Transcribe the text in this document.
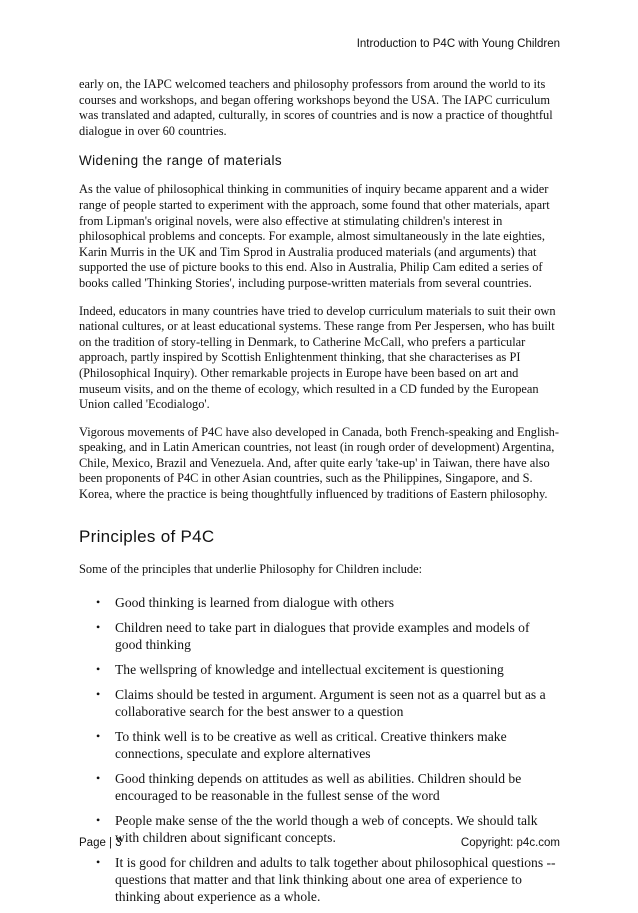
Introduction to P4C with Young Children

early on, the IAPC welcomed teachers and philosophy professors from around the world to its courses and workshops, and began offering workshops beyond the USA. The IAPC curriculum was translated and adapted, culturally, in scores of countries and is now a practice of thoughtful dialogue in over 60 countries.

Widening the range of materials

As the value of philosophical thinking in communities of inquiry became apparent and a wider range of people started to experiment with the approach, some found that other materials, apart from Lipman's original novels, were also effective at stimulating children's interest in philosophical problems and concepts. For example, almost simultaneously in the late eighties, Karin Murris in the UK and Tim Sprod in Australia produced materials (and arguments) that supported the use of picture books to this end. Also in Australia, Philip Cam edited a series of books called 'Thinking Stories', including purpose-written materials from several countries.

Indeed, educators in many countries have tried to develop curriculum materials to suit their own national cultures, or at least educational systems. These range from Per Jespersen, who has built on the tradition of story-telling in Denmark, to Catherine McCall, who prefers a particular approach, partly inspired by Scottish Enlightenment thinking, that she characterises as PI (Philosophical Inquiry). Other remarkable projects in Europe have been based on art and museum visits, and on the theme of ecology, which resulted in a CD funded by the European Union called 'Ecodialogo'.

Vigorous movements of P4C have also developed in Canada, both French-speaking and English-speaking, and in Latin American countries, not least (in rough order of development) Argentina, Chile, Mexico, Brazil and Venezuela. And, after quite early 'take-up' in Taiwan, there have also been proponents of P4C in other Asian countries, such as the Philippines, Singapore, and S. Korea, where the practice is being thoughtfully influenced by traditions of Eastern philosophy.

Principles of P4C

Some of the principles that underlie Philosophy for Children include:

• Good thinking is learned from dialogue with others
• Children need to take part in dialogues that provide examples and models of good thinking
• The wellspring of knowledge and intellectual excitement is questioning
• Claims should be tested in argument. Argument is seen not as a quarrel but as a collaborative search for the best answer to a question
• To think well is to be creative as well as critical. Creative thinkers make connections, speculate and explore alternatives
• Good thinking depends on attitudes as well as abilities. Children should be encouraged to be reasonable in the fullest sense of the word
• People make sense of the the world though a web of concepts. We should talk with children about significant concepts.
• It is good for children and adults to talk together about philosophical questions -- questions that matter and that link thinking about one area of experience to thinking about experience as a whole.
Page | 3	Copyright: p4c.com
